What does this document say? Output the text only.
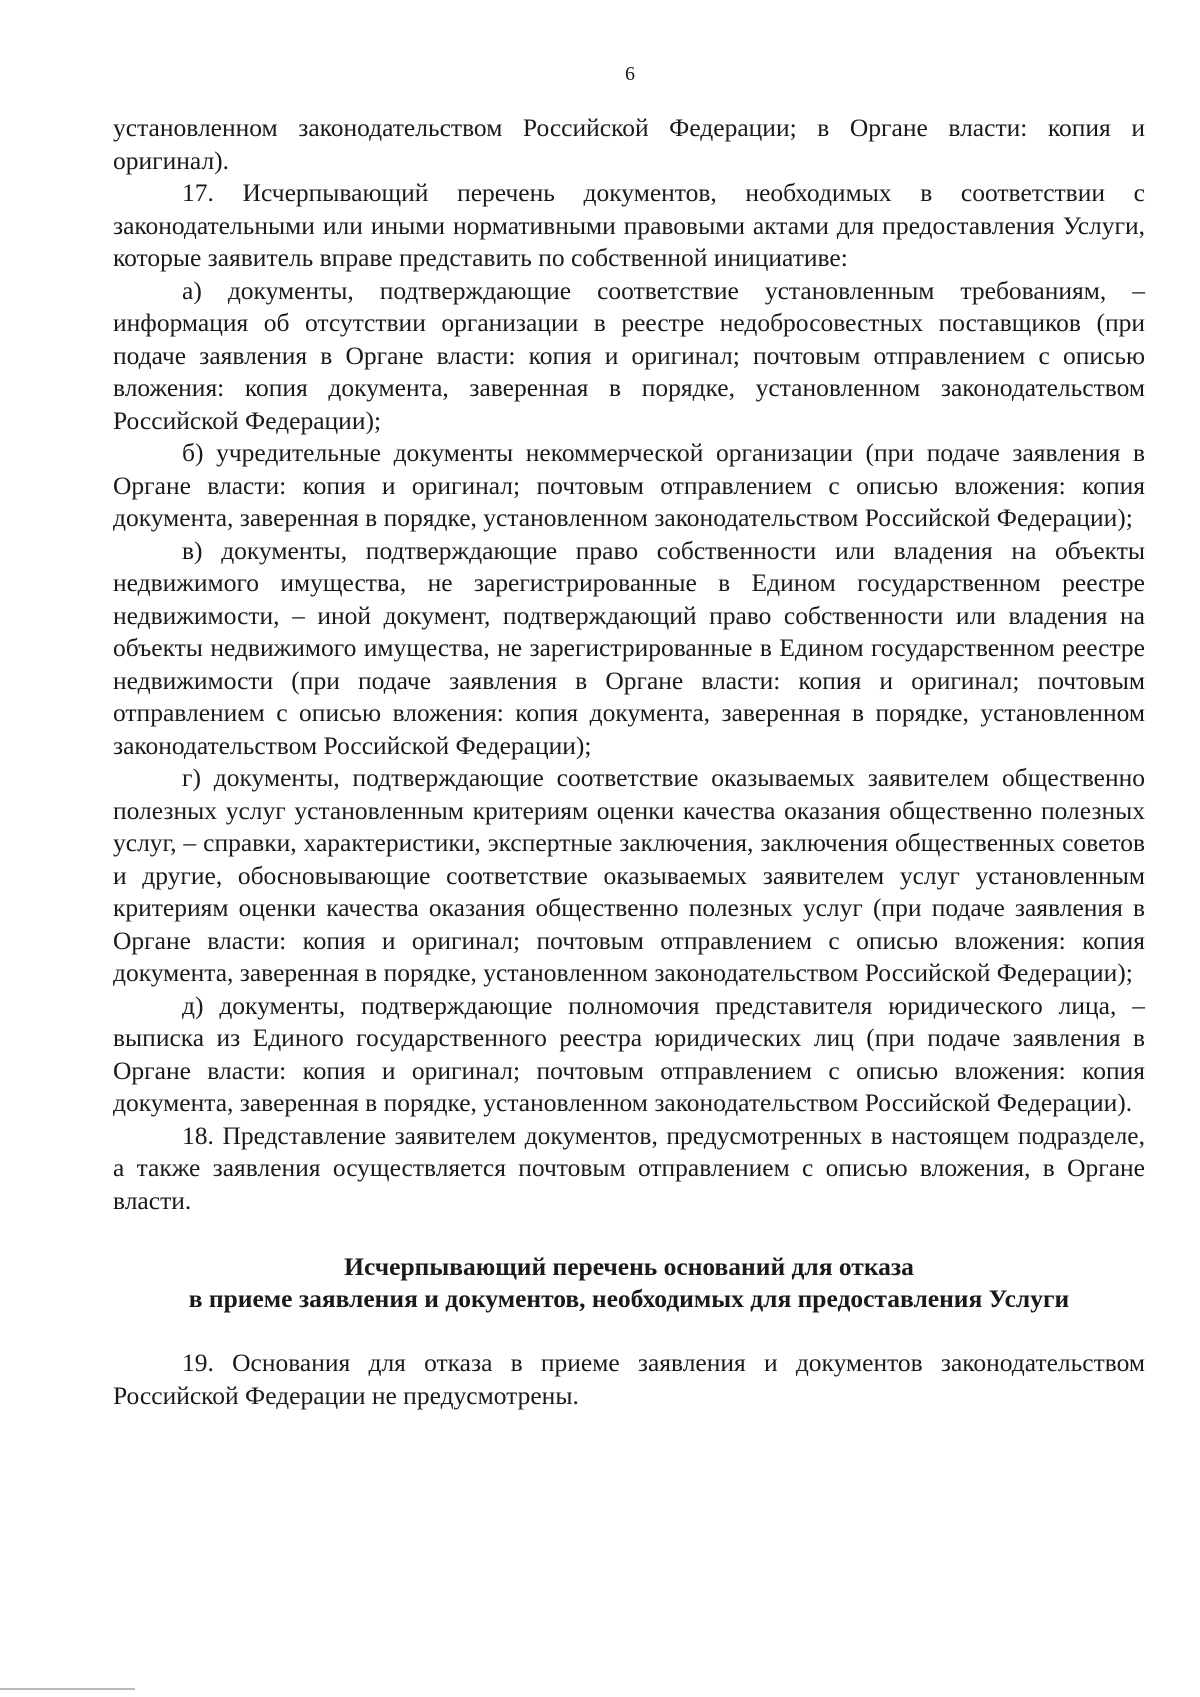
6

установленном законодательством Российской Федерации; в Органе власти: копия и оригинал).

17. Исчерпывающий перечень документов, необходимых в соответствии с законодательными или иными нормативными правовыми актами для предоставления Услуги, которые заявитель вправе представить по собственной инициативе:

а) документы, подтверждающие соответствие установленным требованиям, – информация об отсутствии организации в реестре недобросовестных поставщиков (при подаче заявления в Органе власти: копия и оригинал; почтовым отправлением с описью вложения: копия документа, заверенная в порядке, установленном законодательством Российской Федерации);

б) учредительные документы некоммерческой организации (при подаче заявления в Органе власти: копия и оригинал; почтовым отправлением с описью вложения: копия документа, заверенная в порядке, установленном законодательством Российской Федерации);

в) документы, подтверждающие право собственности или владения на объекты недвижимого имущества, не зарегистрированные в Едином государственном реестре недвижимости, – иной документ, подтверждающий право собственности или владения на объекты недвижимого имущества, не зарегистрированные в Едином государственном реестре недвижимости (при подаче заявления в Органе власти: копия и оригинал; почтовым отправлением с описью вложения: копия документа, заверенная в порядке, установленном законодательством Российской Федерации);

г) документы, подтверждающие соответствие оказываемых заявителем общественно полезных услуг установленным критериям оценки качества оказания общественно полезных услуг, – справки, характеристики, экспертные заключения, заключения общественных советов и другие, обосновывающие соответствие оказываемых заявителем услуг установленным критериям оценки качества оказания общественно полезных услуг (при подаче заявления в Органе власти: копия и оригинал; почтовым отправлением с описью вложения: копия документа, заверенная в порядке, установленном законодательством Российской Федерации);

д) документы, подтверждающие полномочия представителя юридического лица, – выписка из Единого государственного реестра юридических лиц (при подаче заявления в Органе власти: копия и оригинал; почтовым отправлением с описью вложения: копия документа, заверенная в порядке, установленном законодательством Российской Федерации).

18. Представление заявителем документов, предусмотренных в настоящем подразделе, а также заявления осуществляется почтовым отправлением с описью вложения, в Органе власти.

Исчерпывающий перечень оснований для отказа
в приеме заявления и документов, необходимых для предоставления Услуги

19. Основания для отказа в приеме заявления и документов законодательством Российской Федерации не предусмотрены.
